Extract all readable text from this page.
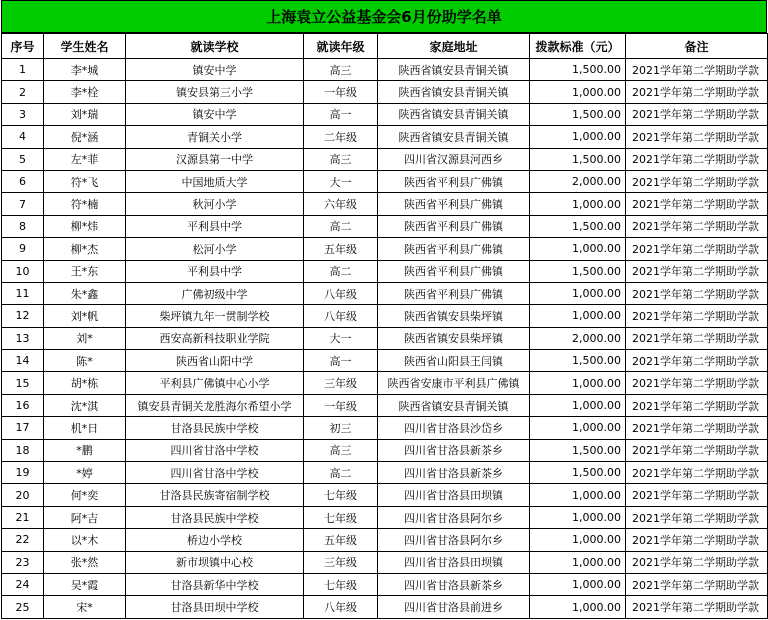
上海袁立公益基金会6月份助学名单
序号	学生姓名	就读学校	就读年级	家庭地址	拨款标准（元）	备注
1	李*城	镇安中学	高三	陕西省镇安县青铜关镇	1,500.00	2021学年第二学期助学款
2	李*栓	镇安县第三小学	一年级	陕西省镇安县青铜关镇	1,000.00	2021学年第二学期助学款
3	刘*瑞	镇安中学	高一	陕西省镇安县青铜关镇	1,500.00	2021学年第二学期助学款
4	倪*涵	青铜关小学	二年级	陕西省镇安县青铜关镇	1,000.00	2021学年第二学期助学款
5	左*菲	汉源县第一中学	高三	四川省汉源县河西乡	1,500.00	2021学年第二学期助学款
6	符*飞	中国地质大学	大一	陕西省平利县广佛镇	2,000.00	2021学年第二学期助学款
7	符*楠	秋河小学	六年级	陕西省平利县广佛镇	1,000.00	2021学年第二学期助学款
8	柳*炜	平利县中学	高二	陕西省平利县广佛镇	1,500.00	2021学年第二学期助学款
9	柳*杰	松河小学	五年级	陕西省平利县广佛镇	1,000.00	2021学年第二学期助学款
10	王*东	平利县中学	高二	陕西省平利县广佛镇	1,500.00	2021学年第二学期助学款
11	朱*鑫	广佛初级中学	八年级	陕西省平利县广佛镇	1,000.00	2021学年第二学期助学款
12	刘*帆	柴坪镇九年一贯制学校	八年级	陕西省镇安县柴坪镇	1,000.00	2021学年第二学期助学款
13	刘*	西安高新科技职业学院	大一	陕西省镇安县柴坪镇	2,000.00	2021学年第二学期助学款
14	陈*	陕西省山阳中学	高一	陕西省山阳县王闫镇	1,500.00	2021学年第二学期助学款
15	胡*栋	平利县广佛镇中心小学	三年级	陕西省安康市平利县广佛镇	1,000.00	2021学年第二学期助学款
16	沈*淇	镇安县青铜关龙胜海尔希望小学	一年级	陕西省镇安县青铜关镇	1,000.00	2021学年第二学期助学款
17	机*日	甘洛县民族中学校	初三	四川省甘洛县沙岱乡	1,000.00	2021学年第二学期助学款
18	*鹏	四川省甘洛中学校	高三	四川省甘洛县新茶乡	1,500.00	2021学年第二学期助学款
19	*婷	四川省甘洛中学校	高二	四川省甘洛县新茶乡	1,500.00	2021学年第二学期助学款
20	何*奕	甘洛县民族寄宿制学校	七年级	四川省甘洛县田坝镇	1,000.00	2021学年第二学期助学款
21	阿*吉	甘洛县民族中学校	七年级	四川省甘洛县阿尔乡	1,000.00	2021学年第二学期助学款
22	以*木	桥边小学校	五年级	四川省甘洛县阿尔乡	1,000.00	2021学年第二学期助学款
23	张*然	新市坝镇中心校	三年级	四川省甘洛县田坝镇	1,000.00	2021学年第二学期助学款
24	吴*霞	甘洛县新华中学校	七年级	四川省甘洛县新茶乡	1,000.00	2021学年第二学期助学款
25	宋*	甘洛县田坝中学校	八年级	四川省甘洛县前进乡	1,000.00	2021学年第二学期助学款
